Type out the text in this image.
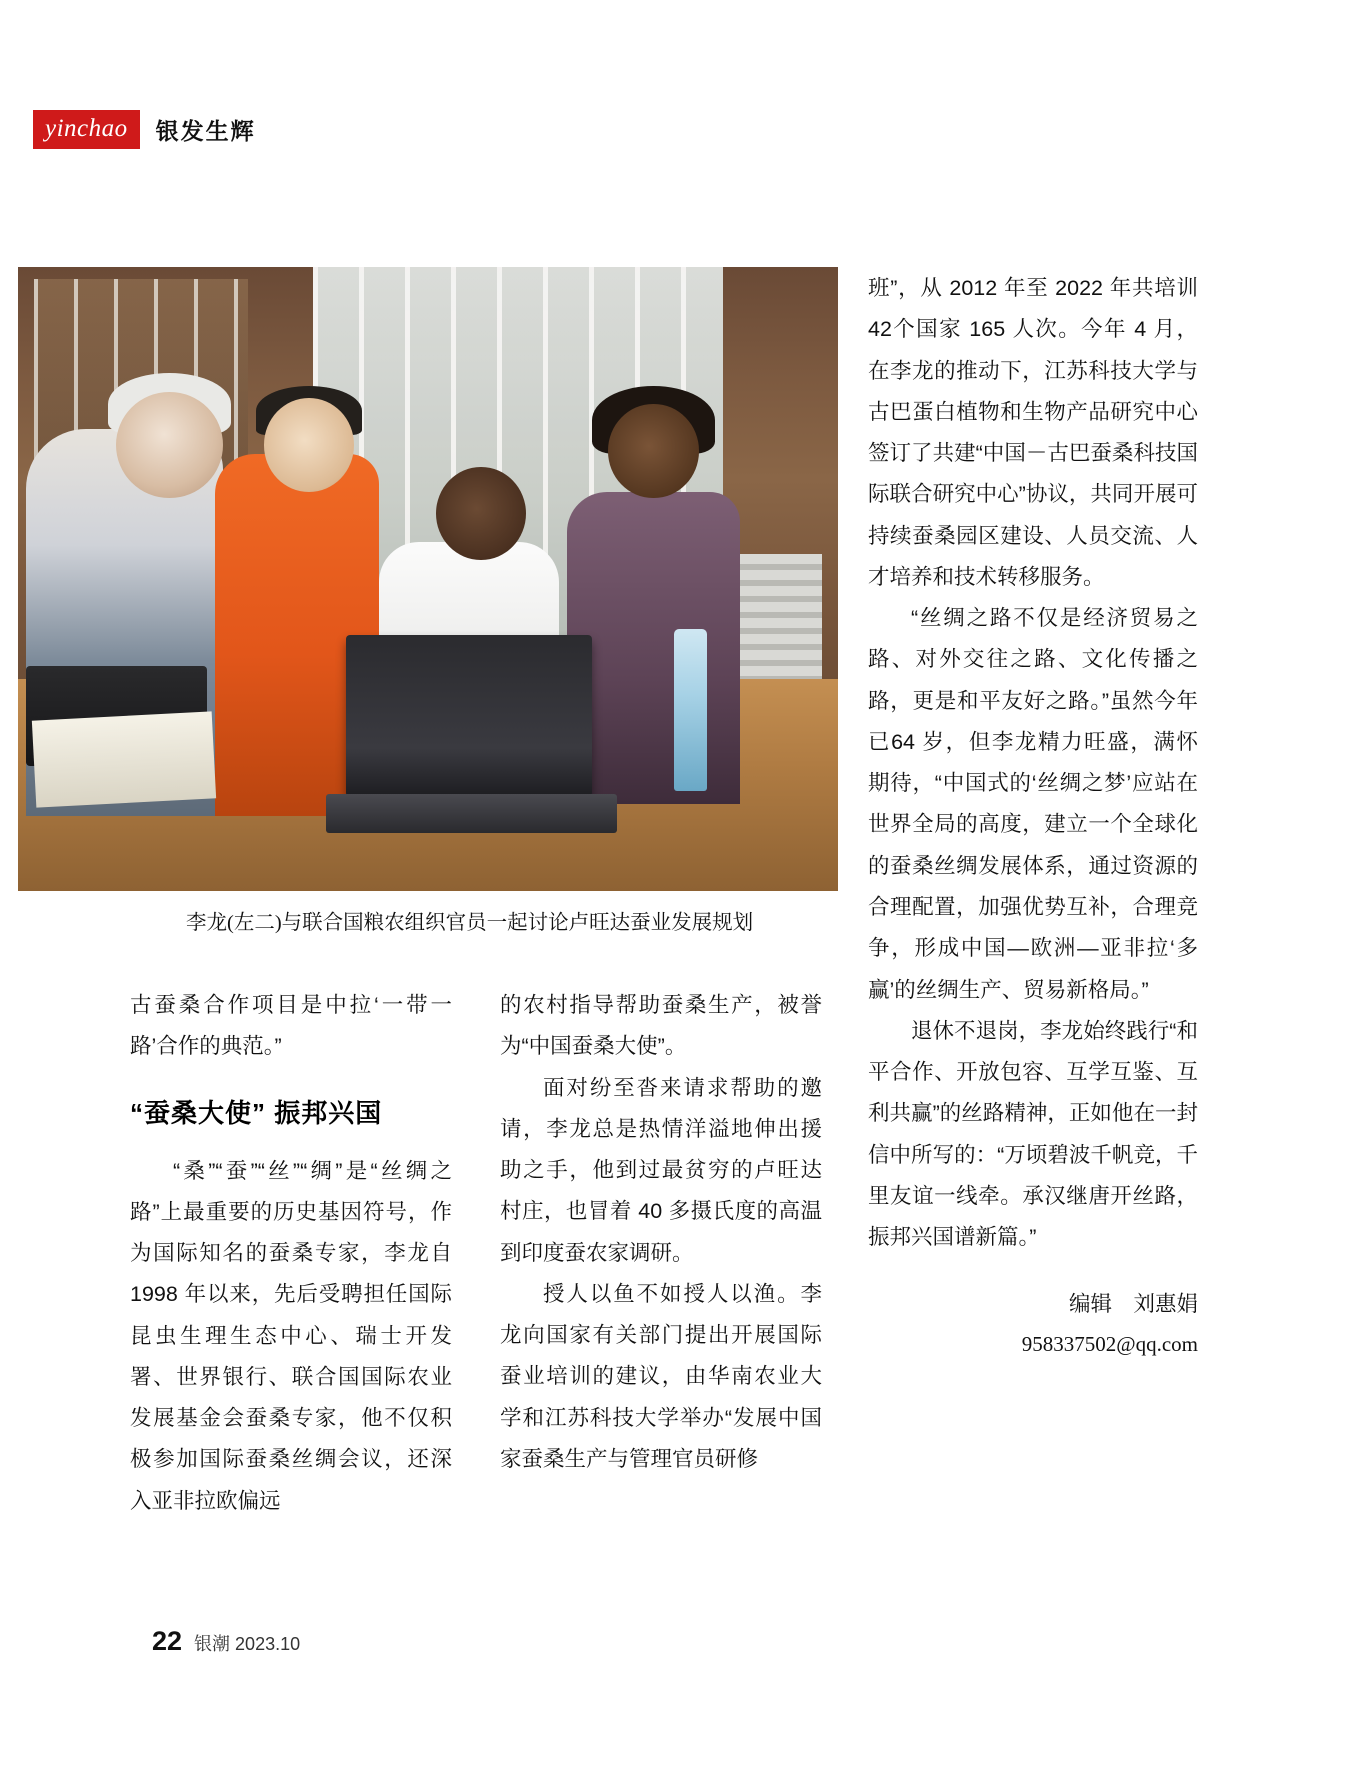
yinchao	银发生辉
李龙(左二)与联合国粮农组织官员一起讨论卢旺达蚕业发展规划

古蚕桑合作项目是中拉‘一带一路’合作的典范。”

“蚕桑大使” 振邦兴国

“桑”“蚕”“丝”“绸”是“丝绸之路”上最重要的历史基因符号，作为国际知名的蚕桑专家，李龙自 1998 年以来，先后受聘担任国际昆虫生理生态中心、瑞士开发署、世界银行、联合国国际农业发展基金会蚕桑专家，他不仅积极参加国际蚕桑丝绸会议，还深入亚非拉欧偏远

的农村指导帮助蚕桑生产，被誉为“中国蚕桑大使”。

面对纷至沓来请求帮助的邀请，李龙总是热情洋溢地伸出援助之手，他到过最贫穷的卢旺达村庄，也冒着 40 多摄氏度的高温到印度蚕农家调研。

授人以鱼不如授人以渔。李龙向国家有关部门提出开展国际蚕业培训的建议，由华南农业大学和江苏科技大学举办“发展中国家蚕桑生产与管理官员研修

班”，从 2012 年至 2022 年共培训42个国家 165 人次。今年 4 月，在李龙的推动下，江苏科技大学与古巴蛋白植物和生物产品研究中心签订了共建“中国－古巴蚕桑科技国际联合研究中心”协议，共同开展可持续蚕桑园区建设、人员交流、人才培养和技术转移服务。

“丝绸之路不仅是经济贸易之路、对外交往之路、文化传播之路，更是和平友好之路。”虽然今年已64 岁，但李龙精力旺盛，满怀期待，“中国式的‘丝绸之梦’应站在世界全局的高度，建立一个全球化的蚕桑丝绸发展体系，通过资源的合理配置，加强优势互补，合理竞争，形成中国—欧洲—亚非拉‘多赢’的丝绸生产、贸易新格局。”

退休不退岗，李龙始终践行“和平合作、开放包容、互学互鉴、互利共赢”的丝路精神，正如他在一封信中所写的：“万顷碧波千帆竞，千里友谊一线牵。承汉继唐开丝路，振邦兴国谱新篇。”

编辑　刘惠娟
958337502@qq.com
22 银潮 2023.10
